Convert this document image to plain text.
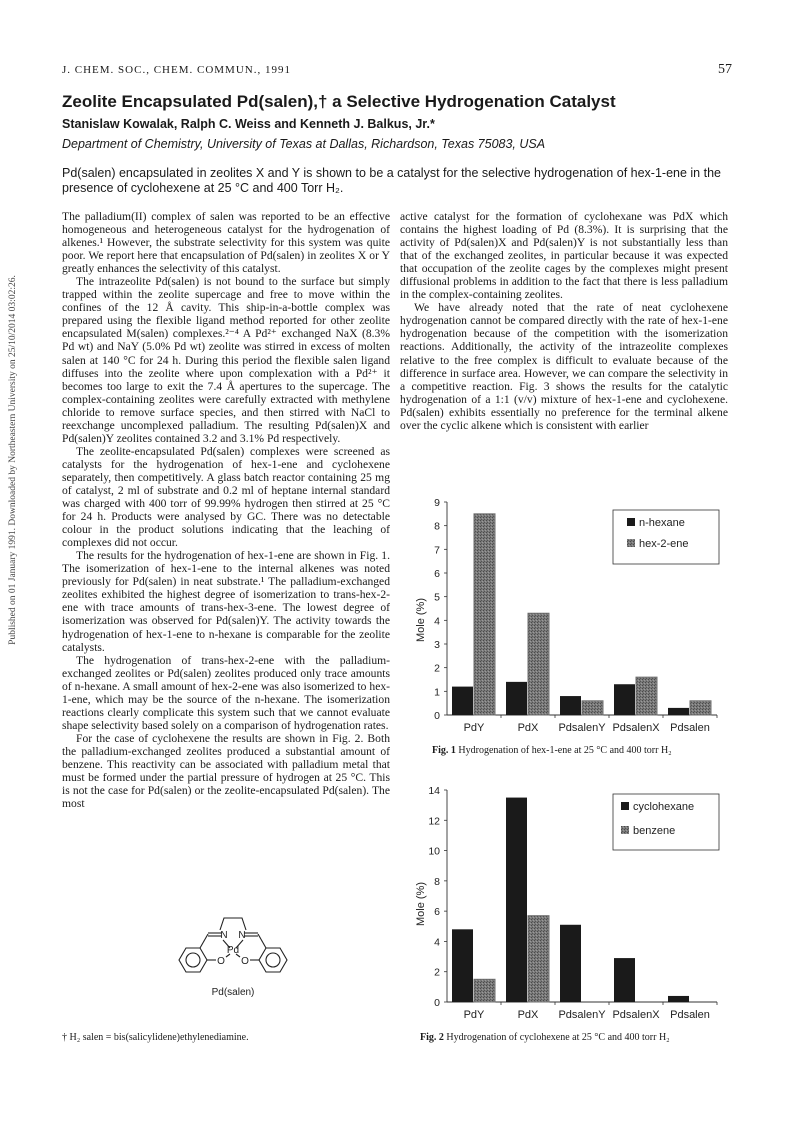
Published on 01 January 1991. Downloaded by Northeastern University on 25/10/2014 03:02:26.
J. CHEM. SOC., CHEM. COMMUN., 1991	57
Zeolite Encapsulated Pd(salen),† a Selective Hydrogenation Catalyst
Stanislaw Kowalak, Ralph C. Weiss and Kenneth J. Balkus, Jr.*
Department of Chemistry, University of Texas at Dallas, Richardson, Texas 75083, USA
Pd(salen) encapsulated in zeolites X and Y is shown to be a catalyst for the selective hydrogenation of hex-1-ene in the presence of cyclohexene at 25 °C and 400 Torr H₂.

The palladium(II) complex of salen was reported to be an effective homogeneous and heterogeneous catalyst for the hydrogenation of alkenes.¹ However, the substrate selectivity for this system was quite poor. We report here that encapsulation of Pd(salen) in zeolites X or Y greatly enhances the selectivity of this catalyst.

The intrazeolite Pd(salen) is not bound to the surface but simply trapped within the zeolite supercage and free to move within the confines of the 12 Å cavity. This ship-in-a-bottle complex was prepared using the flexible ligand method reported for other zeolite encapsulated M(salen) complexes.²⁻⁴ A Pd²⁺ exchanged NaX (8.3% Pd wt) and NaY (5.0% Pd wt) zeolite was stirred in excess of molten salen at 140 °C for 24 h. During this period the flexible salen ligand diffuses into the zeolite where upon complexation with a Pd²⁺ it becomes too large to exit the 7.4 Å apertures to the supercage. The complex-containing zeolites were carefully extracted with methylene chloride to remove surface species, and then stirred with NaCl to reexchange uncomplexed palladium. The resulting Pd(salen)X and Pd(salen)Y zeolites contained 3.2 and 3.1% Pd respectively.

The zeolite-encapsulated Pd(salen) complexes were screened as catalysts for the hydrogenation of hex-1-ene and cyclohexene separately, then competitively. A glass batch reactor containing 25 mg of catalyst, 2 ml of substrate and 0.2 ml of heptane internal standard was charged with 400 torr of 99.99% hydrogen then stirred at 25 °C for 24 h. Products were analysed by GC. There was no detectable colour in the product solutions indicating that the leaching of complexes did not occur.

The results for the hydrogenation of hex-1-ene are shown in Fig. 1. The isomerization of hex-1-ene to the internal alkenes was noted previously for Pd(salen) in neat substrate.¹ The palladium-exchanged zeolites exhibited the highest degree of isomerization to trans-hex-2-ene with trace amounts of trans-hex-3-ene. The lowest degree of isomerization was observed for Pd(salen)Y. The activity towards the hydrogenation of hex-1-ene to n-hexane is comparable for the zeolite catalysts.

The hydrogenation of trans-hex-2-ene with the palladium-exchanged zeolites or Pd(salen) zeolites produced only trace amounts of n-hexane. A small amount of hex-2-ene was also isomerized to hex-1-ene, which may be the source of the n-hexane. The isomerization reactions clearly complicate this system such that we cannot evaluate shape selectivity based solely on a comparison of hydrogenation rates.

For the case of cyclohexene the results are shown in Fig. 2. Both the palladium-exchanged zeolites produced a substantial amount of benzene. This reactivity can be associated with palladium metal that must be formed under the partial pressure of hydrogen at 25 °C. This is not the case for Pd(salen) or the zeolite-encapsulated Pd(salen). The most

active catalyst for the formation of cyclohexane was PdX which contains the highest loading of Pd (8.3%). It is surprising that the activity of Pd(salen)X and Pd(salen)Y is not substantially less than that of the exchanged zeolites, in particular because it was expected that occupation of the zeolite cages by the complexes might present diffusional problems in addition to the fact that there is less palladium in the complex-containing zeolites.

We have already noted that the rate of neat cyclohexene hydrogenation cannot be compared directly with the rate of hex-1-ene hydrogenation because of the competition with the isomerization reactions. Additionally, the activity of the intrazeolite complexes relative to the free complex is difficult to evaluate because of the difference in surface area. However, we can compare the selectivity in a competitive reaction. Fig. 3 shows the results for the catalytic hydrogenation of a 1:1 (v/v) mixture of hex-1-ene and cyclohexene. Pd(salen) exhibits essentially no preference for the terminal alkene over the cyclic alkene which is consistent with earlier

N N
Pd
O O
Pd(salen)
† H₂ salen = bis(salicylidene)ethylenediamine.
0
1
2
3
4
5
6
7
8
9
PdY	PdX PdsalenY PdsalenX Pdsalen
Mole (%)
n-hexane
hex-2-ene
Fig. 1 Hydrogenation of hex-1-ene at 25 °C and 400 torr H₂
0
2
4
6
8
10
12
14
PdY	PdX PdsalenY PdsalenX Pdsalen
Mole (%)
cyclohexane
benzene
Fig. 2 Hydrogenation of cyclohexene at 25 °C and 400 torr H₂
